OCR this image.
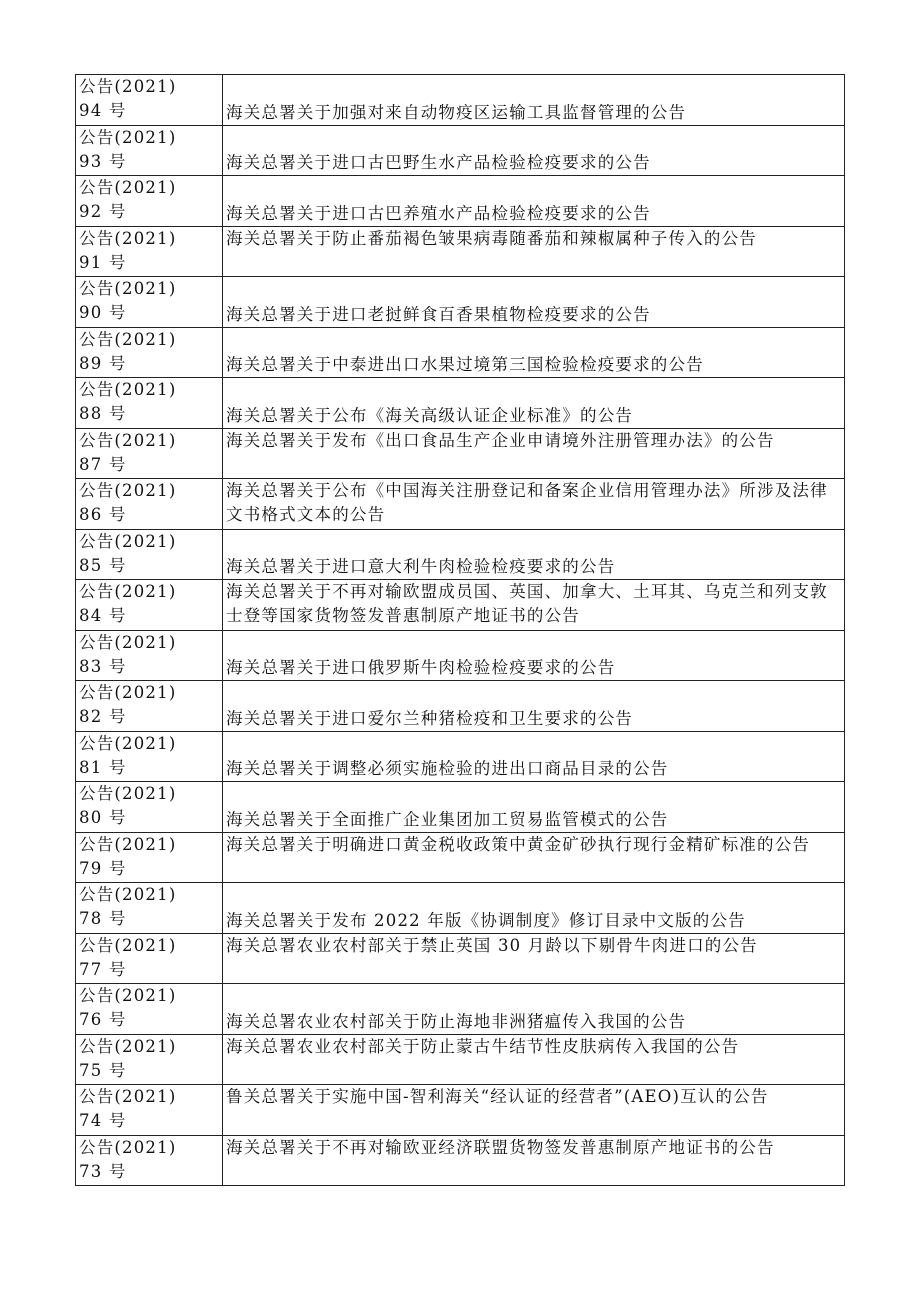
公告(2021)
94 号	海关总署关于加强对来自动物疫区运输工具监督管理的公告

公告(2021)
93 号	海关总署关于进口古巴野生水产品检验检疫要求的公告

公告(2021)
92 号	海关总署关于进口古巴养殖水产品检验检疫要求的公告

公告(2021)
91 号	海关总署关于防止番茄褐色皱果病毒随番茄和辣椒属种子传入的公告

公告(2021)
90 号	海关总署关于进口老挝鲜食百香果植物检疫要求的公告

公告(2021)
89 号	海关总署关于中泰进出口水果过境第三国检验检疫要求的公告

公告(2021)
88 号	海关总署关于公布《海关高级认证企业标准》的公告

公告(2021)
87 号	海关总署关于发布《出口食品生产企业申请境外注册管理办法》的公告

公告(2021)
86 号	海关总署关于公布《中国海关注册登记和备案企业信用管理办法》所涉及法律文书格式文本的公告

公告(2021)
85 号	海关总署关于进口意大利牛肉检验检疫要求的公告

公告(2021)
84 号	海关总署关于不再对输欧盟成员国、英国、加拿大、土耳其、乌克兰和列支敦士登等国家货物签发普惠制原产地证书的公告

公告(2021)
83 号	海关总署关于进口俄罗斯牛肉检验检疫要求的公告

公告(2021)
82 号	海关总署关于进口爱尔兰种猪检疫和卫生要求的公告

公告(2021)
81 号	海关总署关于调整必须实施检验的进出口商品目录的公告

公告(2021)
80 号	海关总署关于全面推广企业集团加工贸易监管模式的公告

公告(2021)
79 号	海关总署关于明确进口黄金税收政策中黄金矿砂执行现行金精矿标准的公告

公告(2021)
78 号	海关总署关于发布 2022 年版《协调制度》修订目录中文版的公告

公告(2021)
77 号	海关总署农业农村部关于禁止英国 30 月龄以下剔骨牛肉进口的公告

公告(2021)
76 号	海关总署农业农村部关于防止海地非洲猪瘟传入我国的公告

公告(2021)
75 号	海关总署农业农村部关于防止蒙古牛结节性皮肤病传入我国的公告

公告(2021)
74 号	鲁关总署关于实施中国-智利海关“经认证的经营者”(AEO)互认的公告

公告(2021)
73 号	海关总署关于不再对输欧亚经济联盟货物签发普惠制原产地证书的公告
